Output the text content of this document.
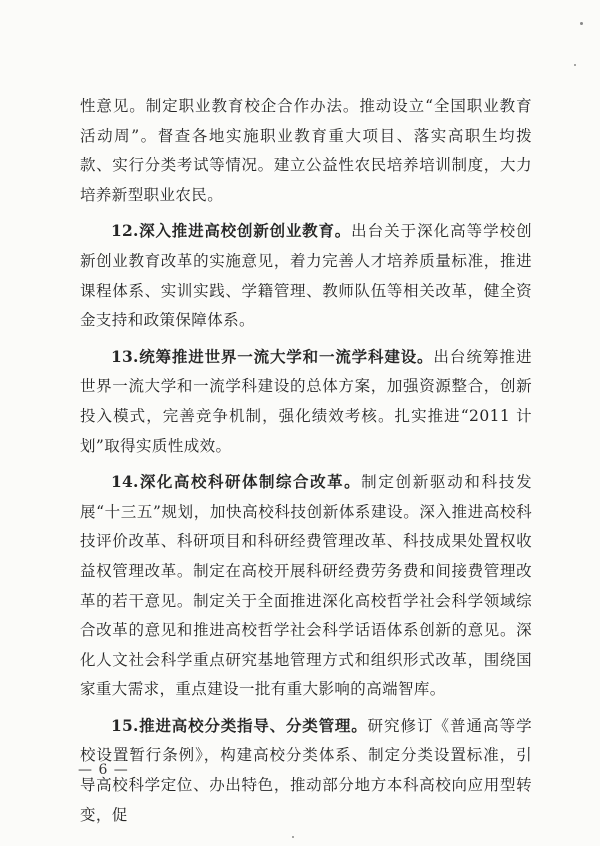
性意见。制定职业教育校企合作办法。推动设立“全国职业教育活动周”。督查各地实施职业教育重大项目、落实高职生均拨款、实行分类考试等情况。建立公益性农民培养培训制度，大力培养新型职业农民。

12.深入推进高校创新创业教育。出台关于深化高等学校创新创业教育改革的实施意见，着力完善人才培养质量标准，推进课程体系、实训实践、学籍管理、教师队伍等相关改革，健全资金支持和政策保障体系。

13.统筹推进世界一流大学和一流学科建设。出台统筹推进世界一流大学和一流学科建设的总体方案，加强资源整合，创新投入模式，完善竞争机制，强化绩效考核。扎实推进“2011 计划”取得实质性成效。

14.深化高校科研体制综合改革。制定创新驱动和科技发展“十三五”规划，加快高校科技创新体系建设。深入推进高校科技评价改革、科研项目和科研经费管理改革、科技成果处置权收益权管理改革。制定在高校开展科研经费劳务费和间接费管理改革的若干意见。制定关于全面推进深化高校哲学社会科学领域综合改革的意见和推进高校哲学社会科学话语体系创新的意见。深化人文社会科学重点研究基地管理方式和组织形式改革，围绕国家重大需求，重点建设一批有重大影响的高端智库。

15.推进高校分类指导、分类管理。研究修订《普通高等学校设置暂行条例》，构建高校分类体系、制定分类设置标准，引导高校科学定位、办出特色，推动部分地方本科高校向应用型转变，促

— 6 —
